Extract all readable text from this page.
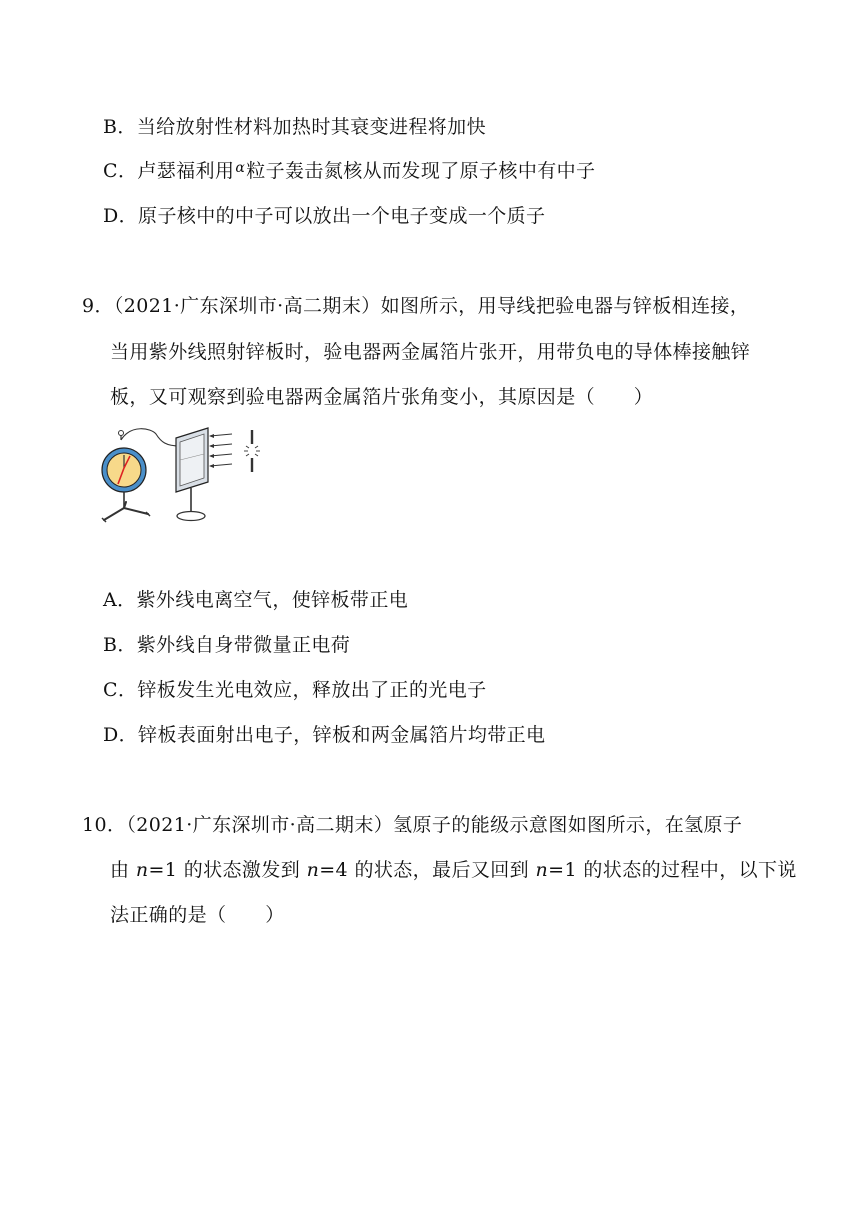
B．当给放射性材料加热时其衰变进程将加快
C．卢瑟福利用$^\alpha$粒子轰击氮核从而发现了原子核中有中子
D．原子核中的中子可以放出一个电子变成一个质子
9．（2021·广东深圳市·高二期末）如图所示，用导线把验电器与锌板相连接，
当用紫外线照射锌板时，验电器两金属箔片张开，用带负电的导体棒接触锌
板，又可观察到验电器两金属箔片张角变小，其原因是（　　）
A．紫外线电离空气，使锌板带正电
B．紫外线自身带微量正电荷
C．锌板发生光电效应，释放出了正的光电子
D．锌板表面射出电子，锌板和两金属箔片均带正电
10．（2021·广东深圳市·高二期末）氢原子的能级示意图如图所示，在氢原子
由 n=1 的状态激发到 n=4 的状态，最后又回到 n=1 的状态的过程中，以下说
法正确的是（　　）
